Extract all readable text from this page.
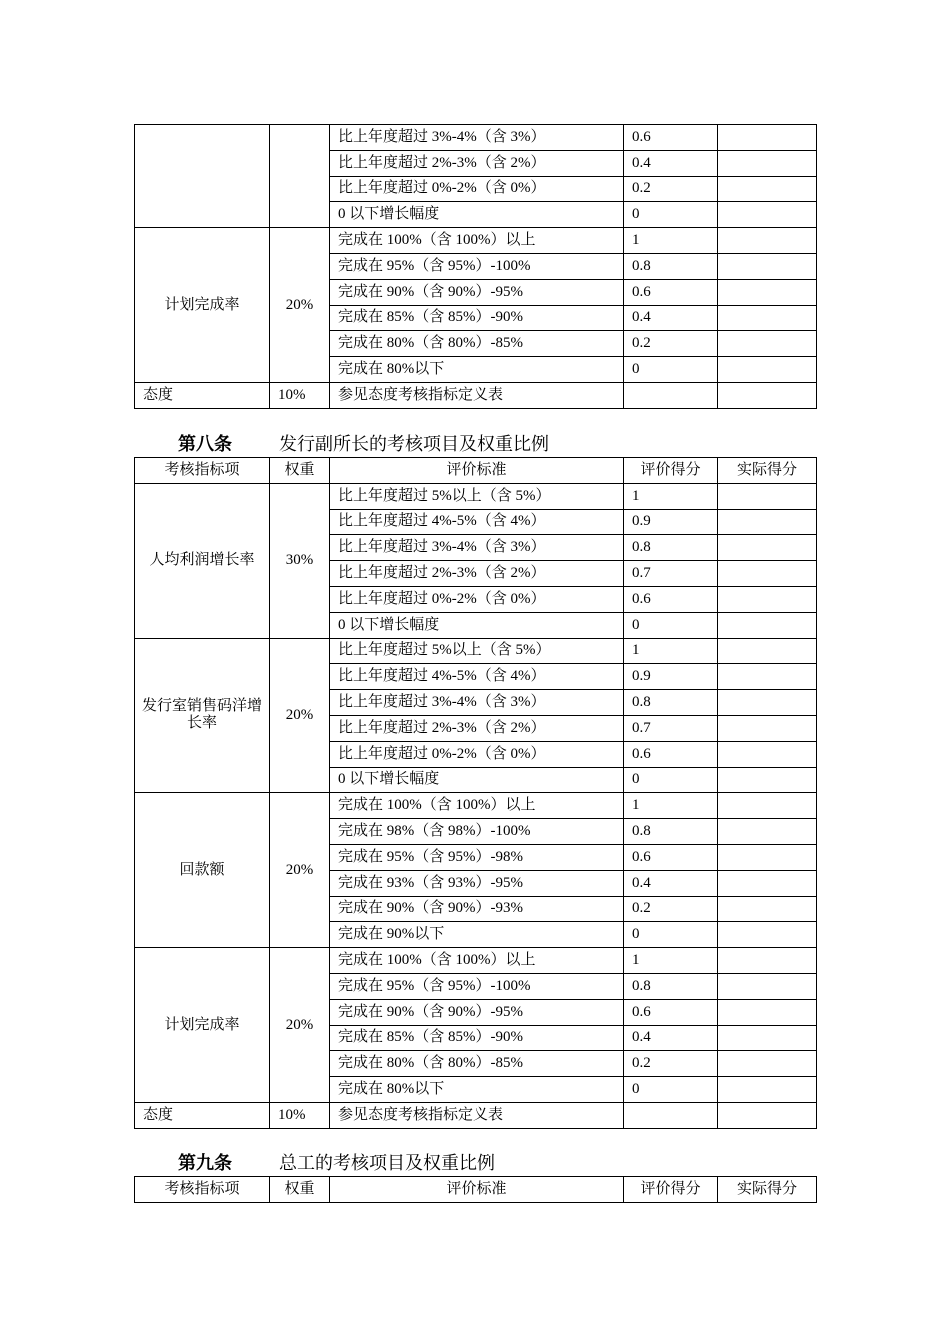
		比上年度超过 3%-4%（含 3%）	0.6	
		比上年度超过 2%-3%（含 2%）	0.4	
		比上年度超过 0%-2%（含 0%）	0.2	
		0 以下增长幅度	0	
计划完成率	20%	完成在 100%（含 100%）以上	1	
		完成在 95%（含 95%）-100%	0.8	
		完成在 90%（含 90%）-95%	0.6	
		完成在 85%（含 85%）-90%	0.4	
		完成在 80%（含 80%）-85%	0.2	
		完成在 80%以下	0	
态度	10%	参见态度考核指标定义表		
第八条	发行副所长的考核项目及权重比例
考核指标项	权重	评价标准	评价得分	实际得分
人均利润增长率	30%	比上年度超过 5%以上（含 5%）	1	
		比上年度超过 4%-5%（含 4%）	0.9	
		比上年度超过 3%-4%（含 3%）	0.8	
		比上年度超过 2%-3%（含 2%）	0.7	
		比上年度超过 0%-2%（含 0%）	0.6	
		0 以下增长幅度	0	
发行室销售码洋增长率	20%	比上年度超过 5%以上（含 5%）	1	
		比上年度超过 4%-5%（含 4%）	0.9	
		比上年度超过 3%-4%（含 3%）	0.8	
		比上年度超过 2%-3%（含 2%）	0.7	
		比上年度超过 0%-2%（含 0%）	0.6	
		0 以下增长幅度	0	
回款额	20%	完成在 100%（含 100%）以上	1	
		完成在 98%（含 98%）-100%	0.8	
		完成在 95%（含 95%）-98%	0.6	
		完成在 93%（含 93%）-95%	0.4	
		完成在 90%（含 90%）-93%	0.2	
		完成在 90%以下	0	
计划完成率	20%	完成在 100%（含 100%）以上	1	
		完成在 95%（含 95%）-100%	0.8	
		完成在 90%（含 90%）-95%	0.6	
		完成在 85%（含 85%）-90%	0.4	
		完成在 80%（含 80%）-85%	0.2	
		完成在 80%以下	0	
态度	10%	参见态度考核指标定义表		
第九条	总工的考核项目及权重比例
考核指标项	权重	评价标准	评价得分	实际得分
